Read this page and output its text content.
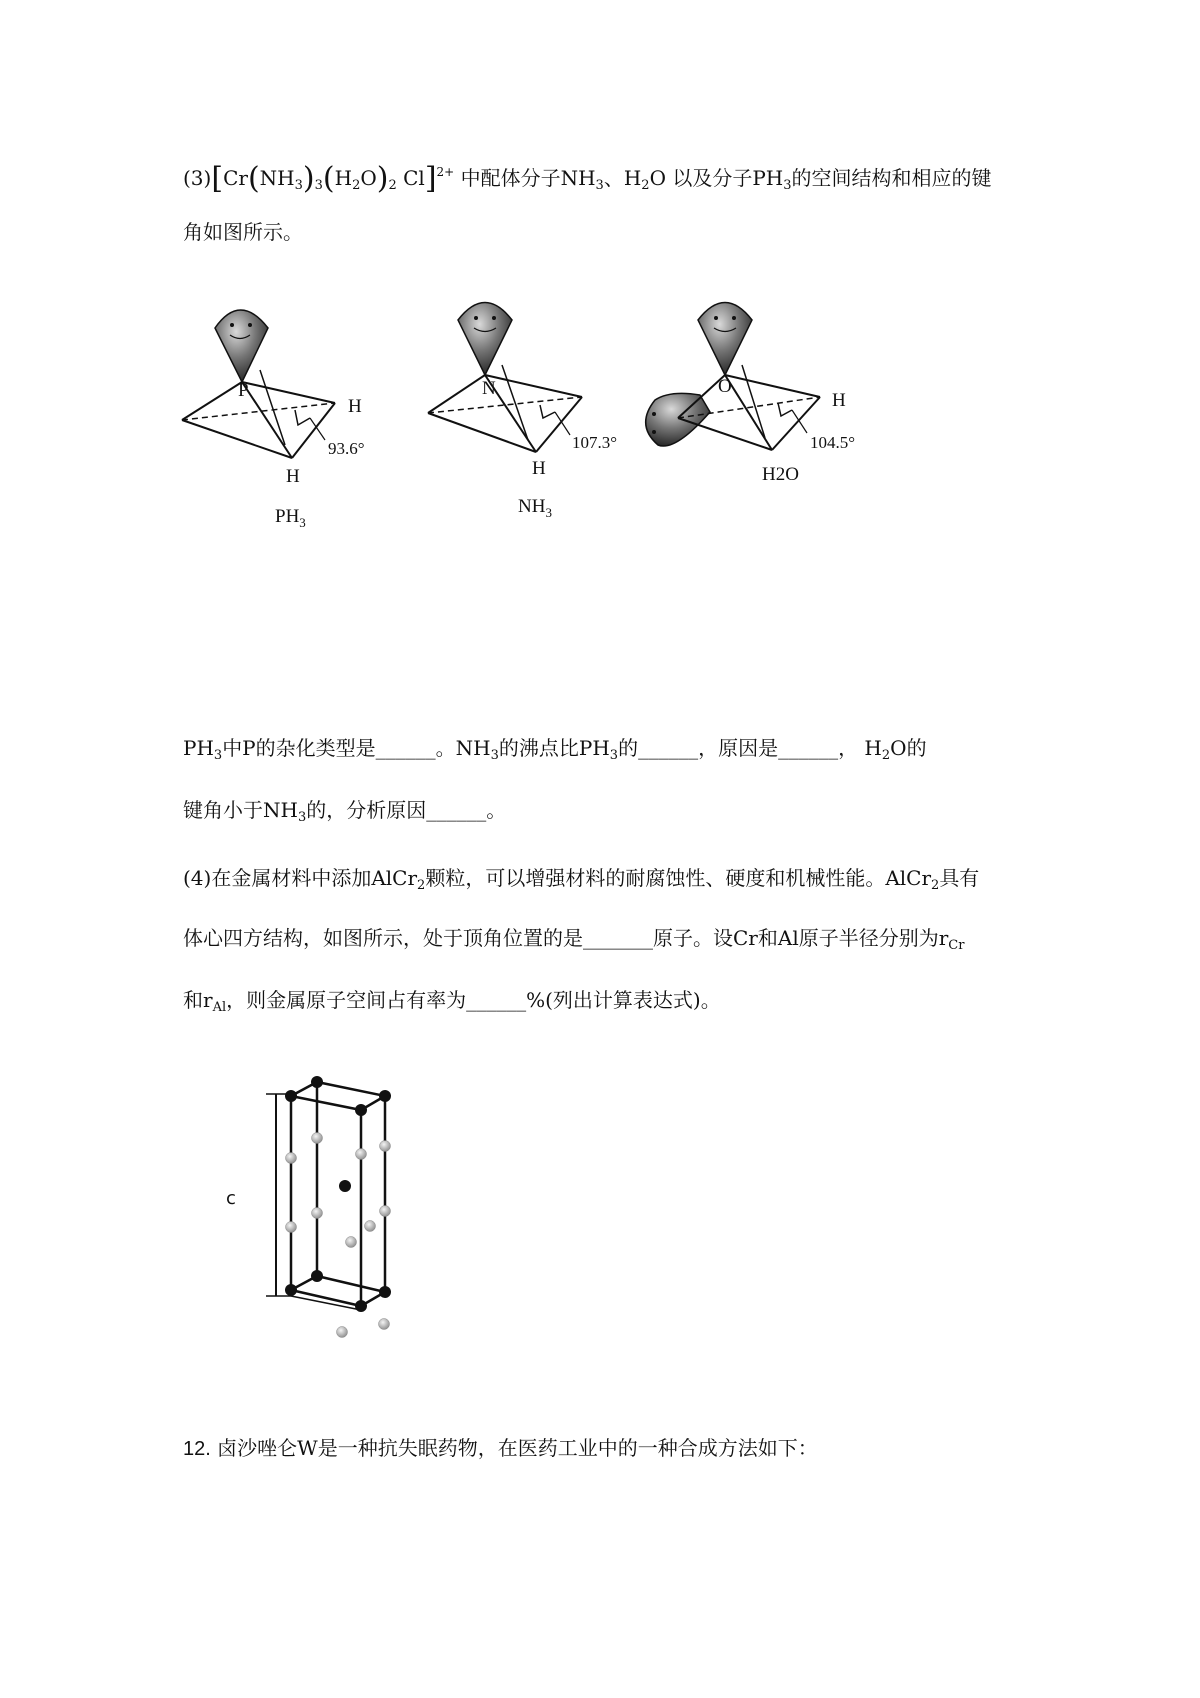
$(3)[Cr(NH_3)_3(H_2O)_2$ Cl]$^{2+}$ 中配体分子$NH_3$、$H_2O$ 以及分子$PH_3$的空间结构和相应的键
角如图所示。
P
H
H
93.6°
$PH_3$
N
H
107.3°
$NH_3$
O
H
104.5°
H2O
$PH_3$中P的杂化类型是______。$NH_3$的沸点比$PH_3$的______，原因是______， $H_2O$的
键角小于$NH_3$的，分析原因______。
(4)在金属材料中添加AlCr$_2$颗粒，可以增强材料的耐腐蚀性、硬度和机械性能。AlCr$_2$具有
体心四方结构，如图所示，处于顶角位置的是_______原子。设Cr和Al原子半径分别为$r_{Cr}$
和$r_{Al}$，则金属原子空间占有率为______%(列出计算表达式)。
c
12. 卤沙唑仑W是一种抗失眠药物，在医药工业中的一种合成方法如下：
